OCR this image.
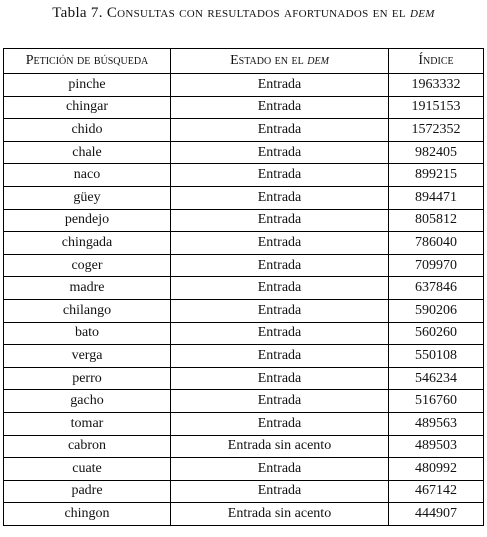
Tabla 7. Consultas con resultados afortunados en el dem
Petición de búsqueda	Estado en el dem	Índice
pinche	Entrada	1963332
chingar	Entrada	1915153
chido	Entrada	1572352
chale	Entrada	982405
naco	Entrada	899215
güey	Entrada	894471
pendejo	Entrada	805812
chingada	Entrada	786040
coger	Entrada	709970
madre	Entrada	637846
chilango	Entrada	590206
bato	Entrada	560260
verga	Entrada	550108
perro	Entrada	546234
gacho	Entrada	516760
tomar	Entrada	489563
cabron	Entrada sin acento	489503
cuate	Entrada	480992
padre	Entrada	467142
chingon	Entrada sin acento	444907
